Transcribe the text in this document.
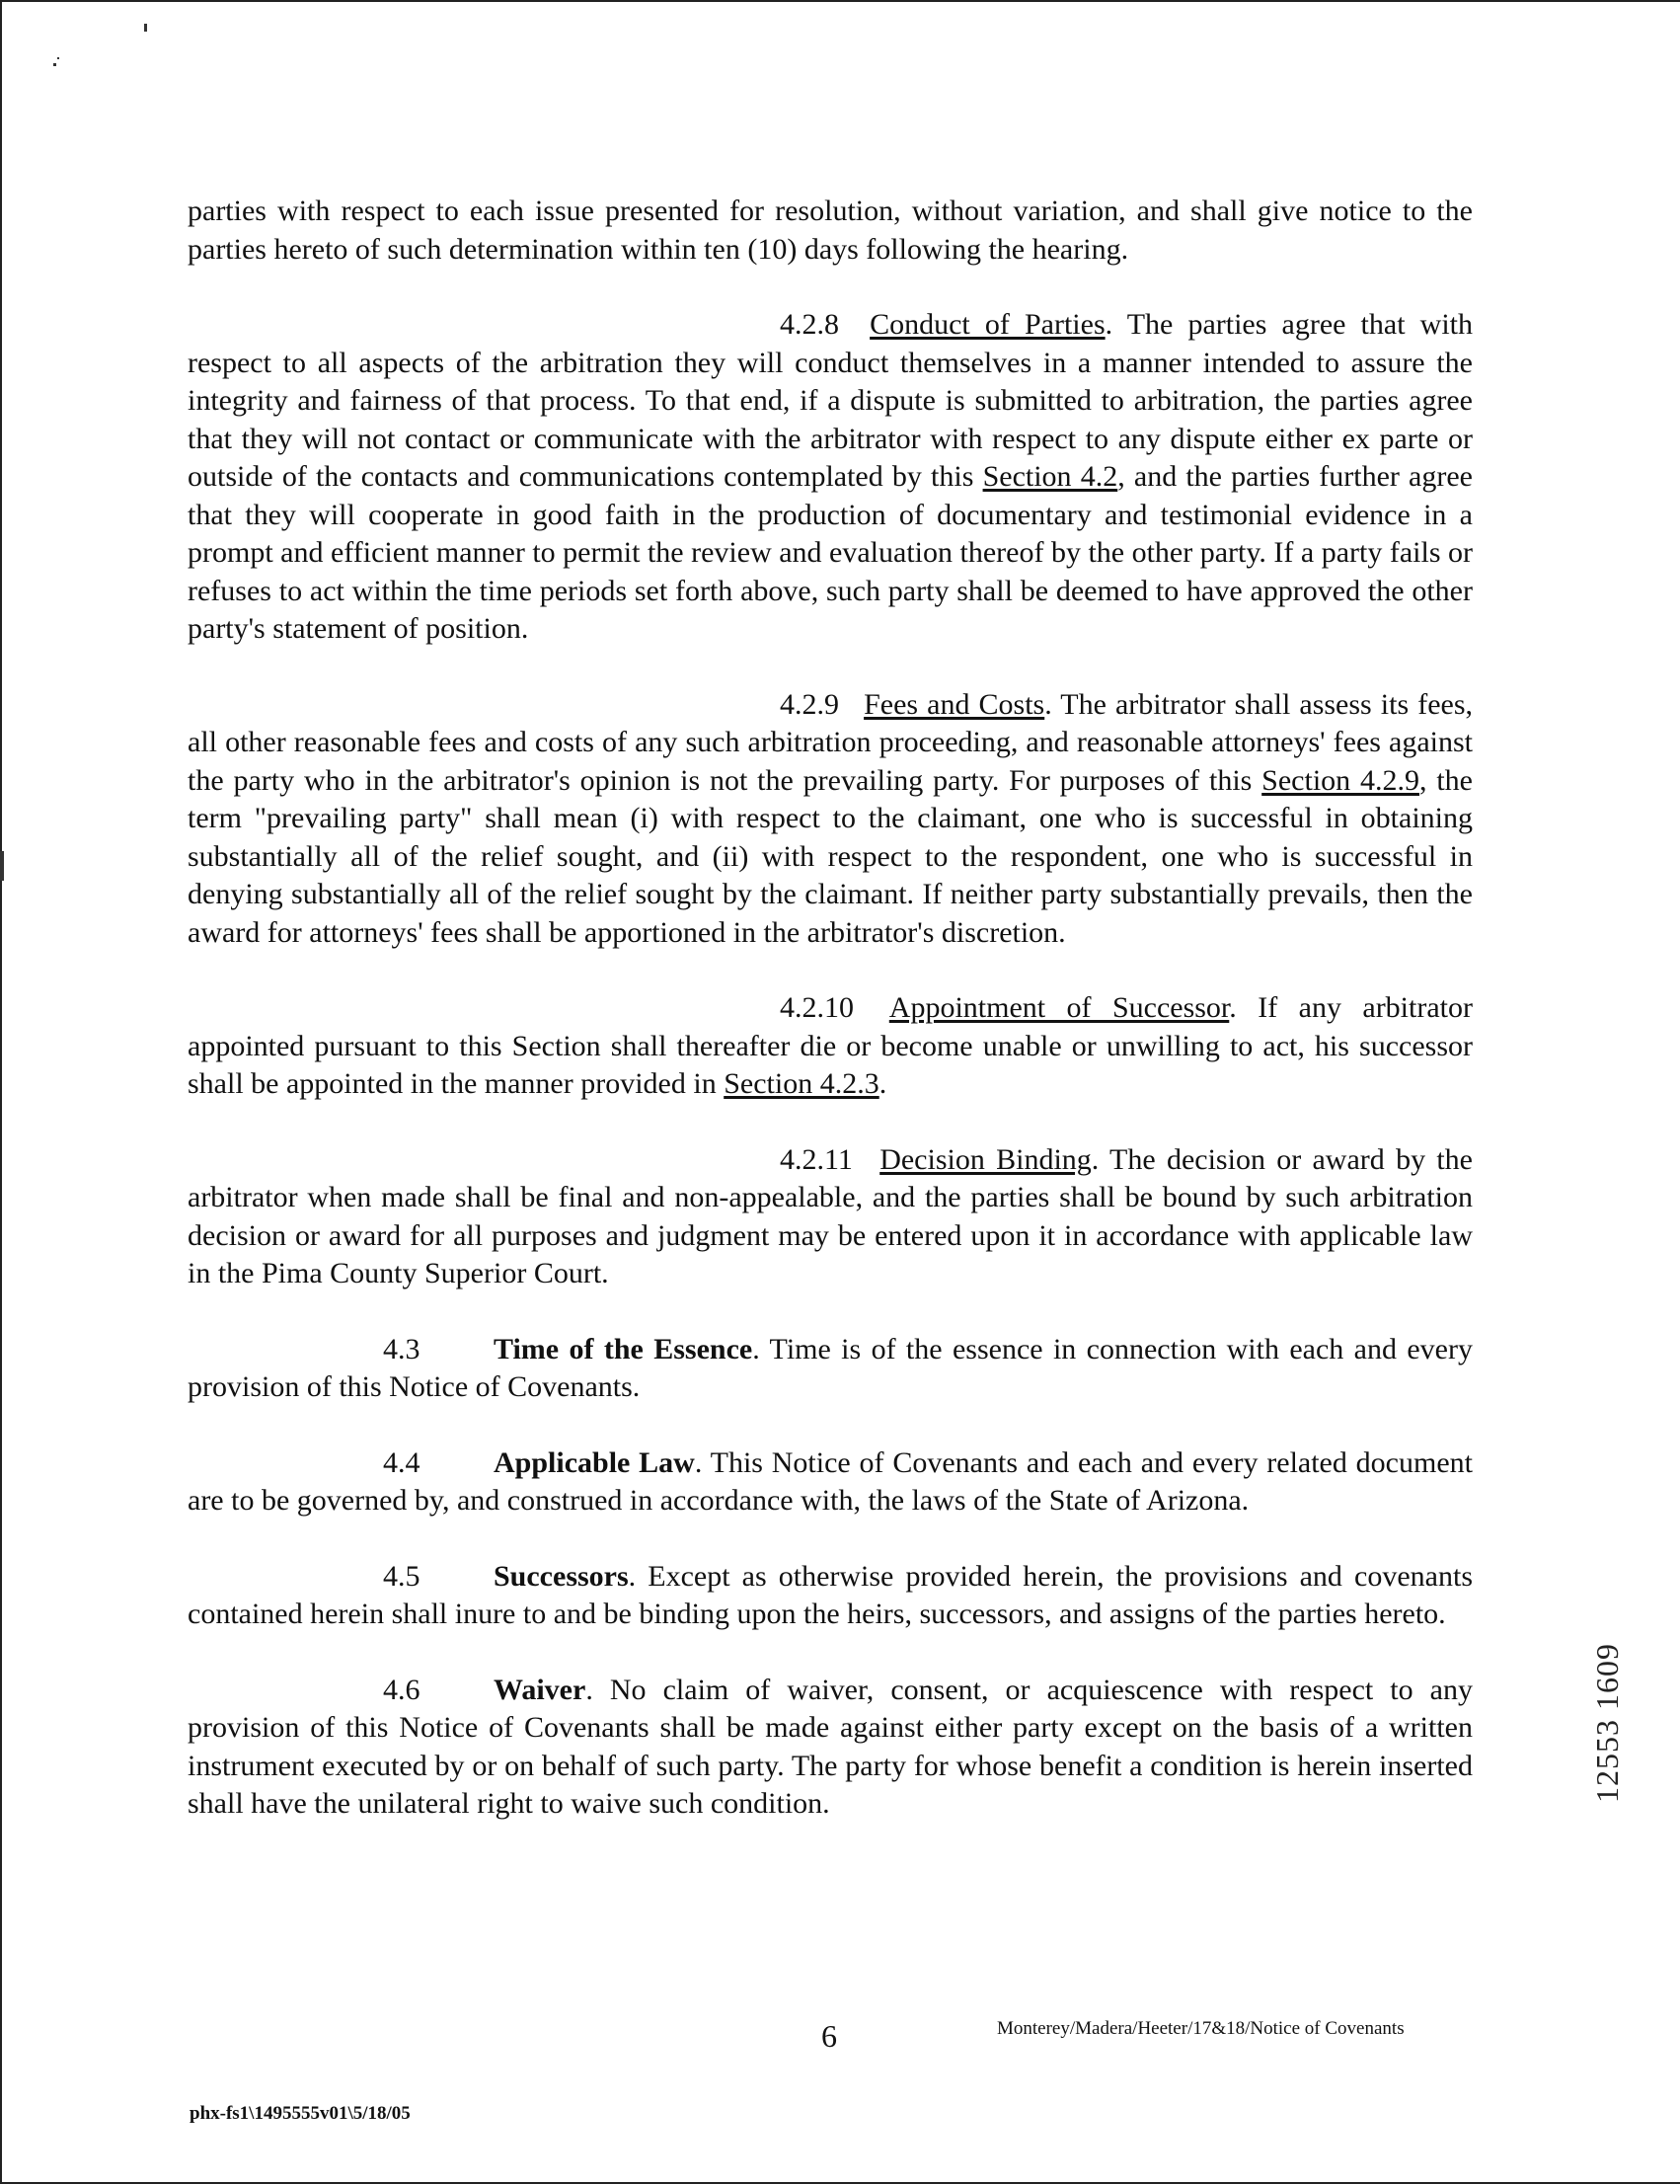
parties with respect to each issue presented for resolution, without variation, and shall give notice to the parties hereto of such determination within ten (10) days following the hearing.

4.2.8 Conduct of Parties. The parties agree that with respect to all aspects of the arbitration they will conduct themselves in a manner intended to assure the integrity and fairness of that process. To that end, if a dispute is submitted to arbitration, the parties agree that they will not contact or communicate with the arbitrator with respect to any dispute either ex parte or outside of the contacts and communications contemplated by this Section 4.2, and the parties further agree that they will cooperate in good faith in the production of documentary and testimonial evidence in a prompt and efficient manner to permit the review and evaluation thereof by the other party. If a party fails or refuses to act within the time periods set forth above, such party shall be deemed to have approved the other party's statement of position.

4.2.9 Fees and Costs. The arbitrator shall assess its fees, all other reasonable fees and costs of any such arbitration proceeding, and reasonable attorneys' fees against the party who in the arbitrator's opinion is not the prevailing party. For purposes of this Section 4.2.9, the term "prevailing party" shall mean (i) with respect to the claimant, one who is successful in obtaining substantially all of the relief sought, and (ii) with respect to the respondent, one who is successful in denying substantially all of the relief sought by the claimant. If neither party substantially prevails, then the award for attorneys' fees shall be apportioned in the arbitrator's discretion.

4.2.10 Appointment of Successor. If any arbitrator appointed pursuant to this Section shall thereafter die or become unable or unwilling to act, his successor shall be appointed in the manner provided in Section 4.2.3.

4.2.11 Decision Binding. The decision or award by the arbitrator when made shall be final and non-appealable, and the parties shall be bound by such arbitration decision or award for all purposes and judgment may be entered upon it in accordance with applicable law in the Pima County Superior Court.

4.3 Time of the Essence. Time is of the essence in connection with each and every provision of this Notice of Covenants.

4.4 Applicable Law. This Notice of Covenants and each and every related document are to be governed by, and construed in accordance with, the laws of the State of Arizona.

4.5 Successors. Except as otherwise provided herein, the provisions and covenants contained herein shall inure to and be binding upon the heirs, successors, and assigns of the parties hereto.

4.6 Waiver. No claim of waiver, consent, or acquiescence with respect to any provision of this Notice of Covenants shall be made against either party except on the basis of a written instrument executed by or on behalf of such party. The party for whose benefit a condition is herein inserted shall have the unilateral right to waive such condition.

12553 1609
6	Monterey/Madera/Heeter/17&18/Notice of Covenants
phx-fs1\1495555v01\5/18/05
